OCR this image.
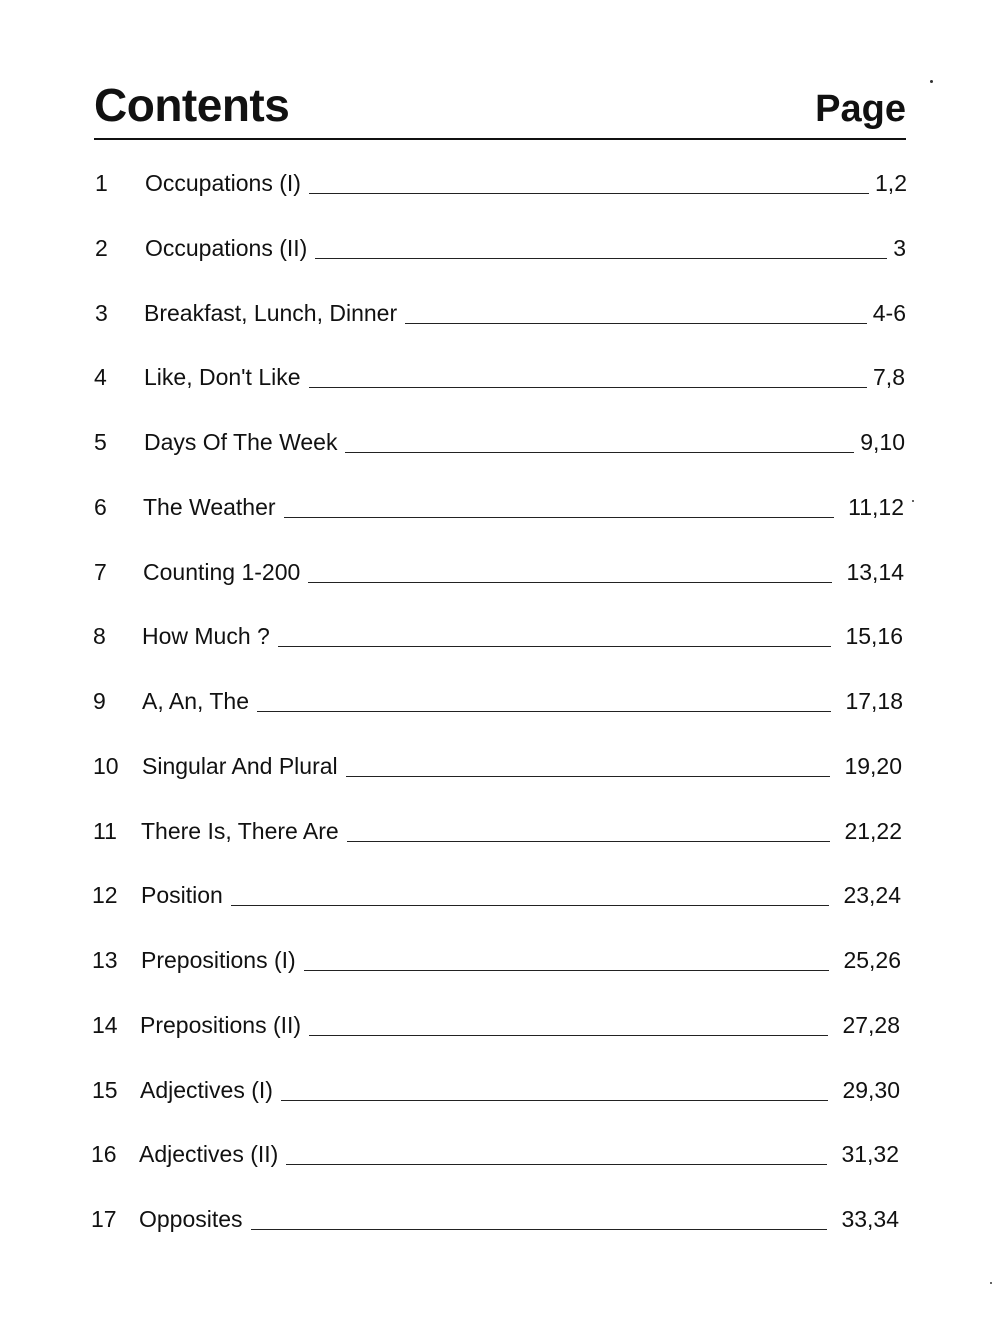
Contents	Page
1 Occupations (I)	1,2
2 Occupations (II)	3
3 Breakfast, Lunch, Dinner	4-6
4 Like, Don't Like	7,8
5 Days Of The Week	9,10
6 The Weather	11,12
7 Counting 1-200	13,14
8 How Much ?	15,16
9 A, An, The	17,18
10 Singular And Plural	19,20
11 There Is, There Are	21,22
12 Position	23,24
13 Prepositions (I)	25,26
14 Prepositions (II)	27,28
15 Adjectives (I)	29,30
16 Adjectives (II)	31,32
17 Opposites	33,34
